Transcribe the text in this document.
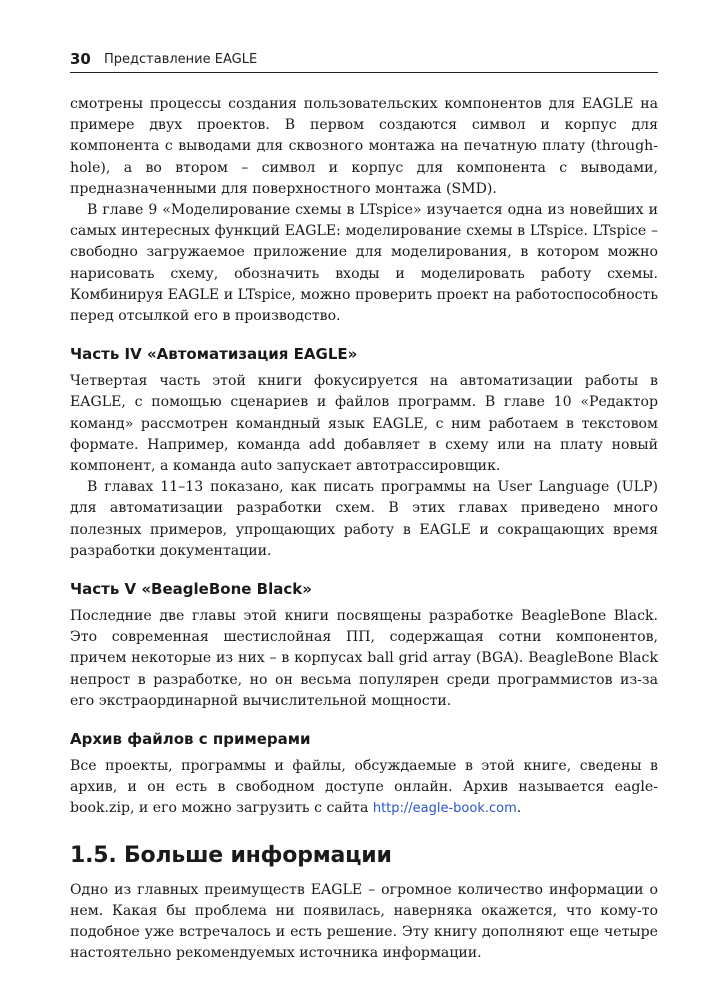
30 Представление EAGLE

смотрены процессы создания пользовательских компонентов для EAGLE на примере двух проектов. В первом создаются символ и корпус для компонента с выводами для сквозного монтажа на печатную плату (through-hole), а во втором – символ и корпус для компонента с выводами, предназначенными для поверхностного монтажа (SMD).

В главе 9 «Моделирование схемы в LTspice» изучается одна из новейших и самых интересных функций EAGLE: моделирование схемы в LTspice. LTspice – свободно загружаемое приложение для моделирования, в котором можно нарисовать схему, обозначить входы и моделировать работу схемы. Комбинируя EAGLE и LTspice, можно проверить проект на работоспособность перед отсылкой его в производство.

Часть IV «Автоматизация EAGLE»

Четвертая часть этой книги фокусируется на автоматизации работы в EAGLE, с помощью сценариев и файлов программ. В главе 10 «Редактор команд» рассмотрен командный язык EAGLE, с ним работаем в текстовом формате. Например, команда add добавляет в схему или на плату новый компонент, а команда auto запускает автотрассировщик.

В главах 11–13 показано, как писать программы на User Language (ULP) для автоматизации разработки схем. В этих главах приведено много полезных примеров, упрощающих работу в EAGLE и сокращающих время разработки документации.

Часть V «BeagleBone Black»

Последние две главы этой книги посвящены разработке BeagleBone Black. Это современная шестислойная ПП, содержащая сотни компонентов, причем некоторые из них – в корпусах ball grid array (BGA). BeagleBone Black непрост в разработке, но он весьма популярен среди программистов из-за его экстраординарной вычислительной мощности.

Архив файлов с примерами

Все проекты, программы и файлы, обсуждаемые в этой книге, сведены в архив, и он есть в свободном доступе онлайн. Архив называется eagle-book.zip, и его можно загрузить с сайта http://eagle-book.com.

1.5. Больше информации

Одно из главных преимуществ EAGLE – огромное количество информации о нем. Какая бы проблема ни появилась, наверняка окажется, что кому-то подобное уже встречалось и есть решение. Эту книгу дополняют еще четыре настоятельно рекомендуемых источника информации.
